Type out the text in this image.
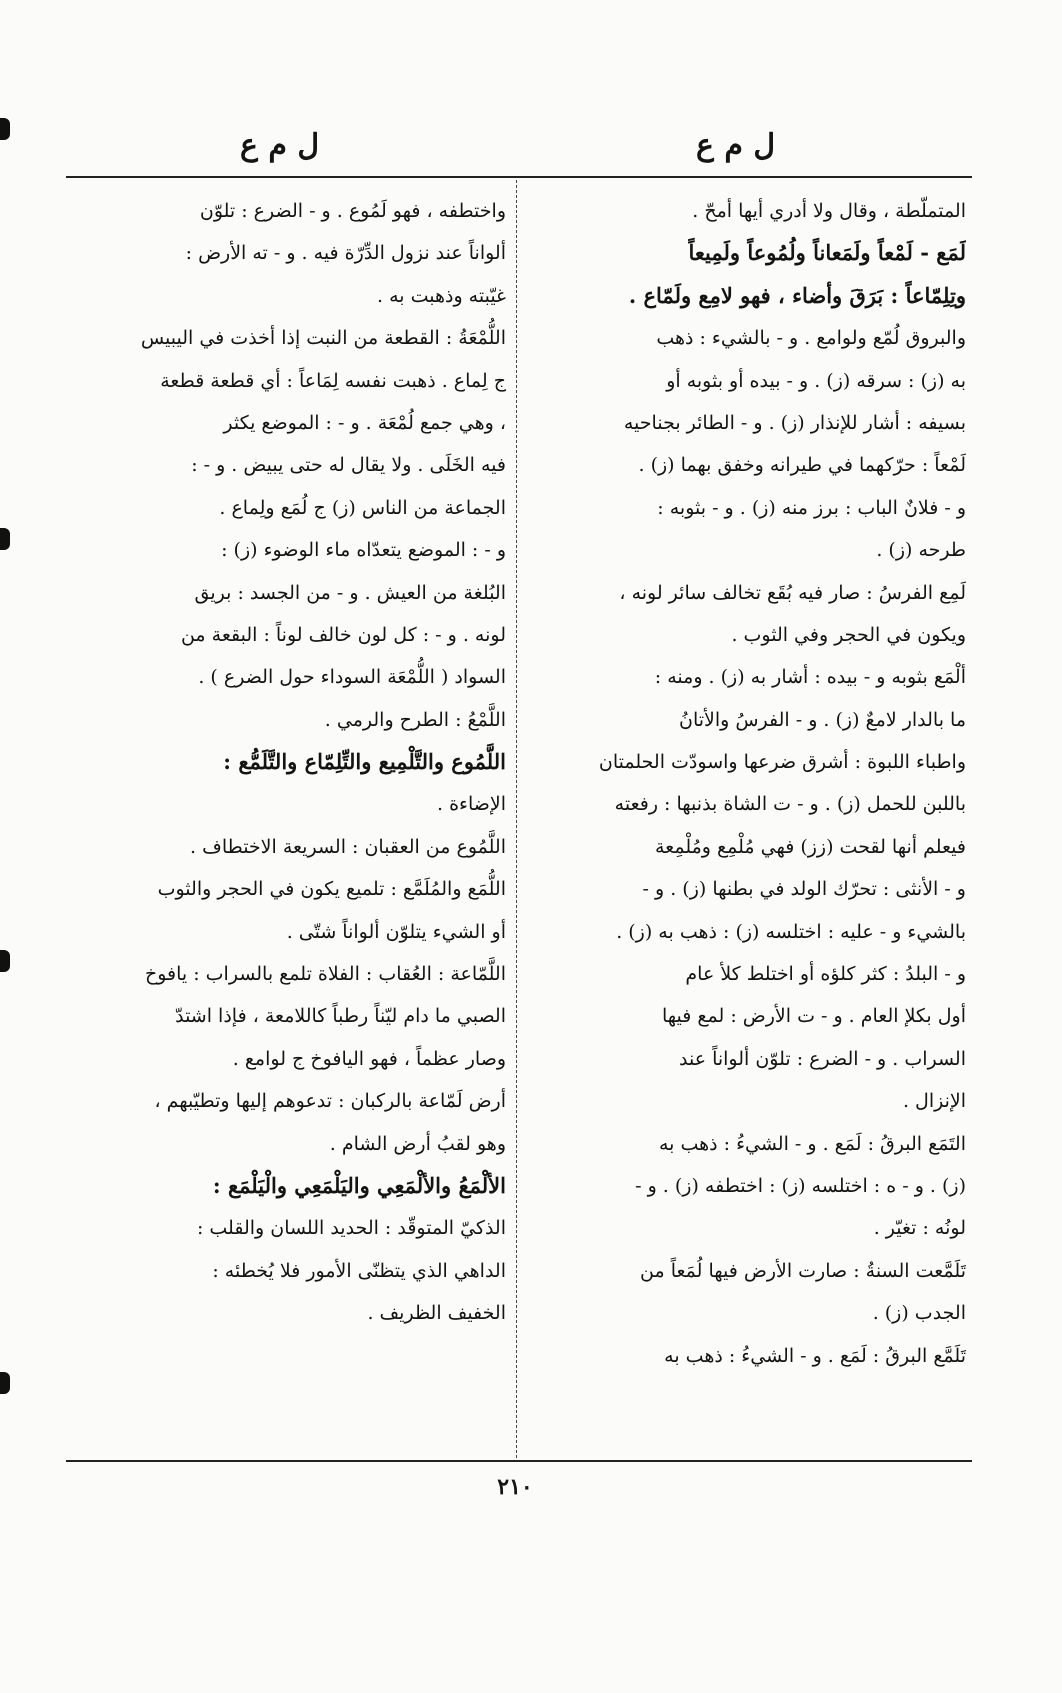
ل م ع
ل م ع
المتملّطة ، وقال ولا أدري أيها أمحّ .
لَمَع - لَمْعاً ولَمَعاناً ولُمُوعاً ولَمِيعاً
وتِلِمّاعاً : بَرَقَ وأضاء ، فهو لامِع ولَمّاع .
والبروق لُمّع ولوامع . و - بالشيء : ذهب
به (ز) : سرقه (ز) . و - بيده أو بثوبه أو
بسيفه : أشار للإنذار (ز) . و - الطائر بجناحيه
لَمْعاً : حرّكهما في طيرانه وخفق بهما (ز) .
و - فلانٌ الباب : برز منه (ز) . و - بثوبه :
طرحه (ز) .
لَمِع الفرسُ : صار فيه بُقَع تخالف سائر لونه ،
ويكون في الحجر وفي الثوب .
ألْمَع بثوبه و - بيده : أشار به (ز) . ومنه :
ما بالدار لامعٌ (ز) . و - الفرسُ والأتانُ
واطباء اللبوة : أشرق ضرعها واسودّت الحلمتان
باللبن للحمل (ز) . و - ت الشاة بذنبها : رفعته
فيعلم أنها لقحت (زز) فهي مُلْمِع ومُلْمِعة
و - الأنثى : تحرّك الولد في بطنها (ز) . و -
بالشيء و - عليه : اختلسه (ز) : ذهب به (ز) .
و - البلدُ : كثر كلؤه أو اختلط كلأ عام
أول بكلإ العام . و - ت الأرض : لمع فيها
السراب . و - الضرع : تلوّن ألواناً عند
الإنزال .
التَمَع البرقُ : لَمَع . و - الشيءُ : ذهب به
(ز) . و - ه : اختلسه (ز) : اختطفه (ز) . و -
لونُه : تغيّر .
تَلَمَّعت السنةُ : صارت الأرض فيها لُمَعاً من
الجدب (ز) .
تَلَمَّع البرقُ : لَمَع . و - الشيءُ : ذهب به
واختطفه ، فهو لَمُوع . و - الضرع : تلوّن
ألواناً عند نزول الدِّرّة فيه . و - ته الأرض :
غيّبته وذهبت به .
اللُّمْعَةُ : القطعة من النبت إذا أخذت في اليبيس
ج لِماع . ذهبت نفسه لِمَاعاً : أي قطعة قطعة
، وهي جمع لُمْعَة . و - : الموضع يكثر
فيه الخَلَى . ولا يقال له حتى يبيض . و - :
الجماعة من الناس (ز) ج لُمَع ولِماع .
و - : الموضع يتعدّاه ماء الوضوء (ز) :
البُلغة من العيش . و - من الجسد : بريق
لونه . و - : كل لون خالف لوناً : البقعة من
السواد ( اللُّمْعَة السوداء حول الضرع ) .
اللَّمْعُ : الطرح والرمي .
اللَّمُوع والتَّلْمِيع والتِّلِمّاع والتَّلَمُّع :
الإضاءة .
اللَّمُوع من العقبان : السريعة الاختطاف .
اللُّمَع والمُلَمَّع : تلميع يكون في الحجر والثوب
أو الشيء يتلوّن ألواناً شتّى .
اللَّمّاعة : العُقاب : الفلاة تلمع بالسراب : يافوخ
الصبي ما دام ليّناً رطباً كاللامعة ، فإذا اشتدّ
وصار عظماً ، فهو اليافوخ ج لوامع .
أرض لَمّاعة بالركبان : تدعوهم إليها وتطيّبهم ،
وهو لقبُ أرض الشام .
الألْمَعُ والألْمَعِي واليَلْمَعِي والْيَلْمَع :
الذكيّ المتوقّد : الحديد اللسان والقلب :
الداهي الذي يتظنّى الأمور فلا يُخطئه :
الخفيف الظريف .
٢١٠
